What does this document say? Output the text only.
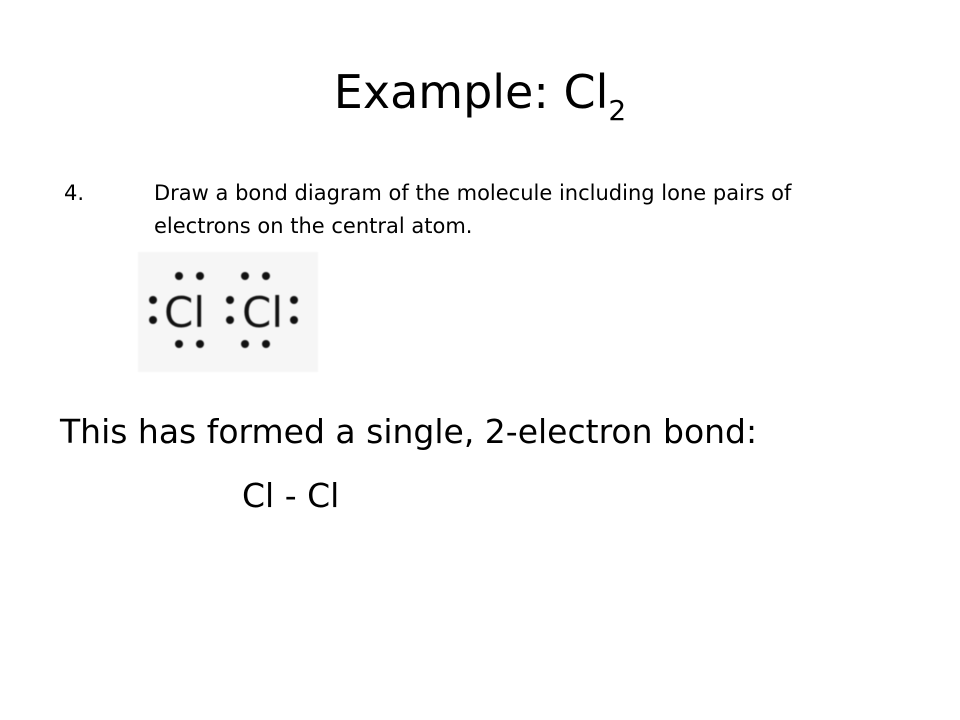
Example: $Cl_2$
4.	Draw a bond diagram of the molecule including lone pairs of electrons on the central atom.
Cl Cl
This has formed a single, 2-electron bond:
Cl - Cl
